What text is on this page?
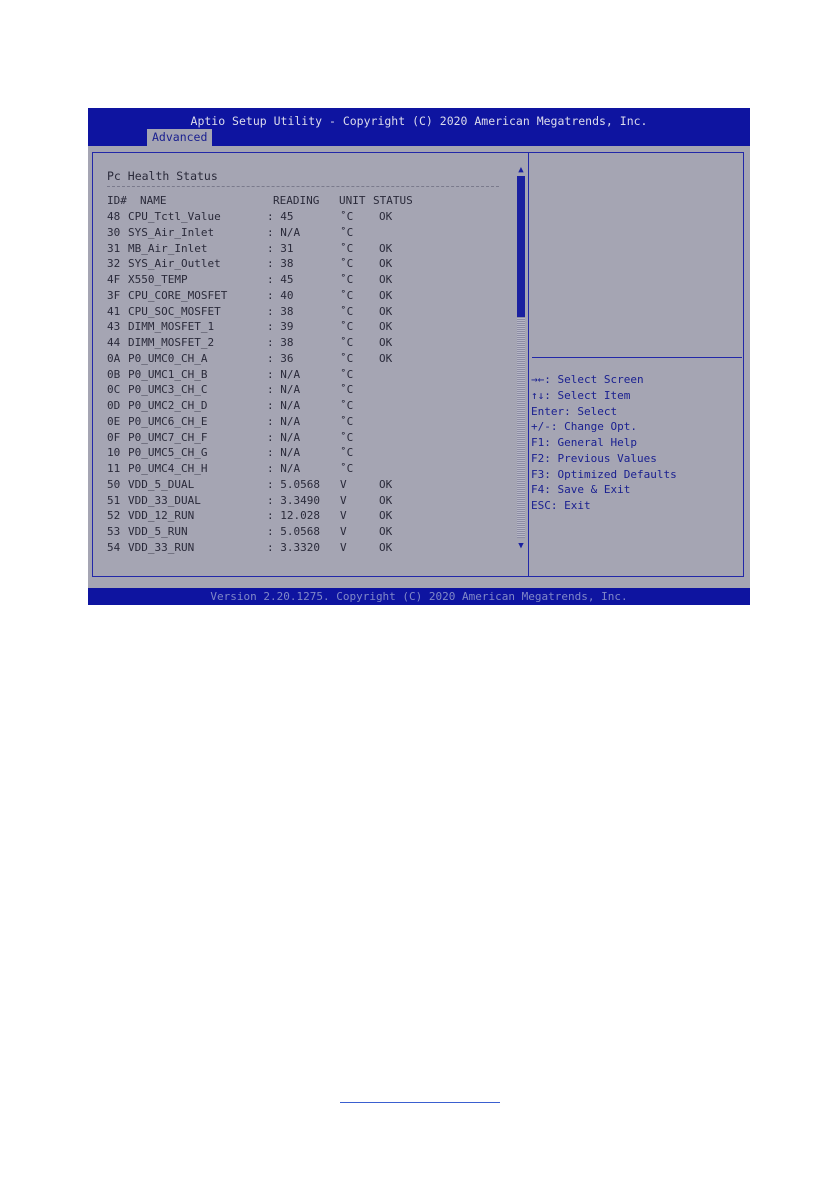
Aptio Setup Utility - Copyright (C) 2020 American Megatrends, Inc.
Advanced
Pc Health Status
ID# NAME	READING UNIT STATUS
48 CPU_Tctl_Value	: 45	˚C OK
30 SYS_Air_Inlet	: N/A	˚C
31 MB_Air_Inlet	: 31	˚C OK
32 SYS_Air_Outlet	: 38	˚C OK
4F X550_TEMP	: 45	˚C OK
3F CPU_CORE_MOSFET	: 40	˚C OK
41 CPU_SOC_MOSFET	: 38	˚C OK
43 DIMM_MOSFET_1	: 39	˚C OK
44 DIMM_MOSFET_2	: 38	˚C OK
0A P0_UMC0_CH_A	: 36	˚C OK
0B P0_UMC1_CH_B	: N/A	˚C
0C P0_UMC3_CH_C	: N/A	˚C
0D P0_UMC2_CH_D	: N/A	˚C
0E P0_UMC6_CH_E	: N/A	˚C
0F P0_UMC7_CH_F	: N/A	˚C
10 P0_UMC5_CH_G	: N/A	˚C
11 P0_UMC4_CH_H	: N/A	˚C
50 VDD_5_DUAL	: 5.0568 V	OK
51 VDD_33_DUAL	: 3.3490 V	OK
52 VDD_12_RUN	: 12.028 V	OK
53 VDD_5_RUN	: 5.0568 V	OK
54 VDD_33_RUN	: 3.3320 V	OK
▲
▼
→←: Select Screen
↑↓: Select Item
Enter: Select
+/-: Change Opt.
F1: General Help
F2: Previous Values
F3: Optimized Defaults
F4: Save & Exit
ESC: Exit
Version 2.20.1275. Copyright (C) 2020 American Megatrends, Inc.
